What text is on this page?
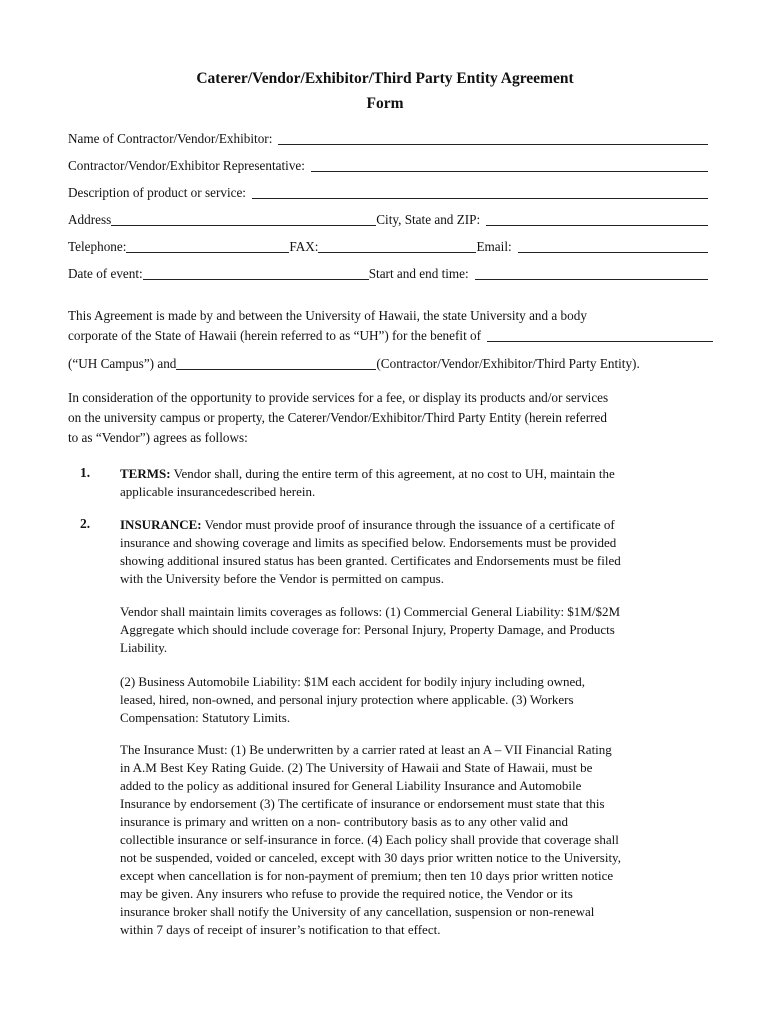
Caterer/Vendor/Exhibitor/Third Party Entity Agreement
Form
Name of Contractor/Vendor/Exhibitor:
Contractor/Vendor/Exhibitor Representative:
Description of product or service:
Address	City, State and ZIP:
Telephone:	FAX:	Email:
Date of event:	Start and end time:
This Agreement is made by and between the University of Hawaii, the state University and a body
corporate of the State of Hawaii (herein referred to as “UH”) for the benefit of
(“UH Campus”) and	(Contractor/Vendor/Exhibitor/Third Party Entity).
In consideration of the opportunity to provide services for a fee, or display its products and/or services
on the university campus or property, the Caterer/Vendor/Exhibitor/Third Party Entity (herein referred
to as “Vendor”) agrees as follows:
1. TERMS: Vendor shall, during the entire term of this agreement, at no cost to UH, maintain the
applicable insurancedescribed herein.
2. INSURANCE: Vendor must provide proof of insurance through the issuance of a certificate of
insurance and showing coverage and limits as specified below. Endorsements must be provided
showing additional insured status has been granted. Certificates and Endorsements must be filed
with the University before the Vendor is permitted on campus.
Vendor shall maintain limits coverages as follows: (1) Commercial General Liability: $1M/$2M
Aggregate which should include coverage for: Personal Injury, Property Damage, and Products
Liability.
(2) Business Automobile Liability: $1M each accident for bodily injury including owned,
leased, hired, non-owned, and personal injury protection where applicable. (3) Workers
Compensation: Statutory Limits.
The Insurance Must: (1) Be underwritten by a carrier rated at least an A – VII Financial Rating
in A.M Best Key Rating Guide. (2) The University of Hawaii and State of Hawaii, must be
added to the policy as additional insured for General Liability Insurance and Automobile
Insurance by endorsement (3) The certificate of insurance or endorsement must state that this
insurance is primary and written on a non- contributory basis as to any other valid and
collectible insurance or self-insurance in force. (4) Each policy shall provide that coverage shall
not be suspended, voided or canceled, except with 30 days prior written notice to the University,
except when cancellation is for non-payment of premium; then ten 10 days prior written notice
may be given. Any insurers who refuse to provide the required notice, the Vendor or its
insurance broker shall notify the University of any cancellation, suspension or non-renewal
within 7 days of receipt of insurer’s notification to that effect.
